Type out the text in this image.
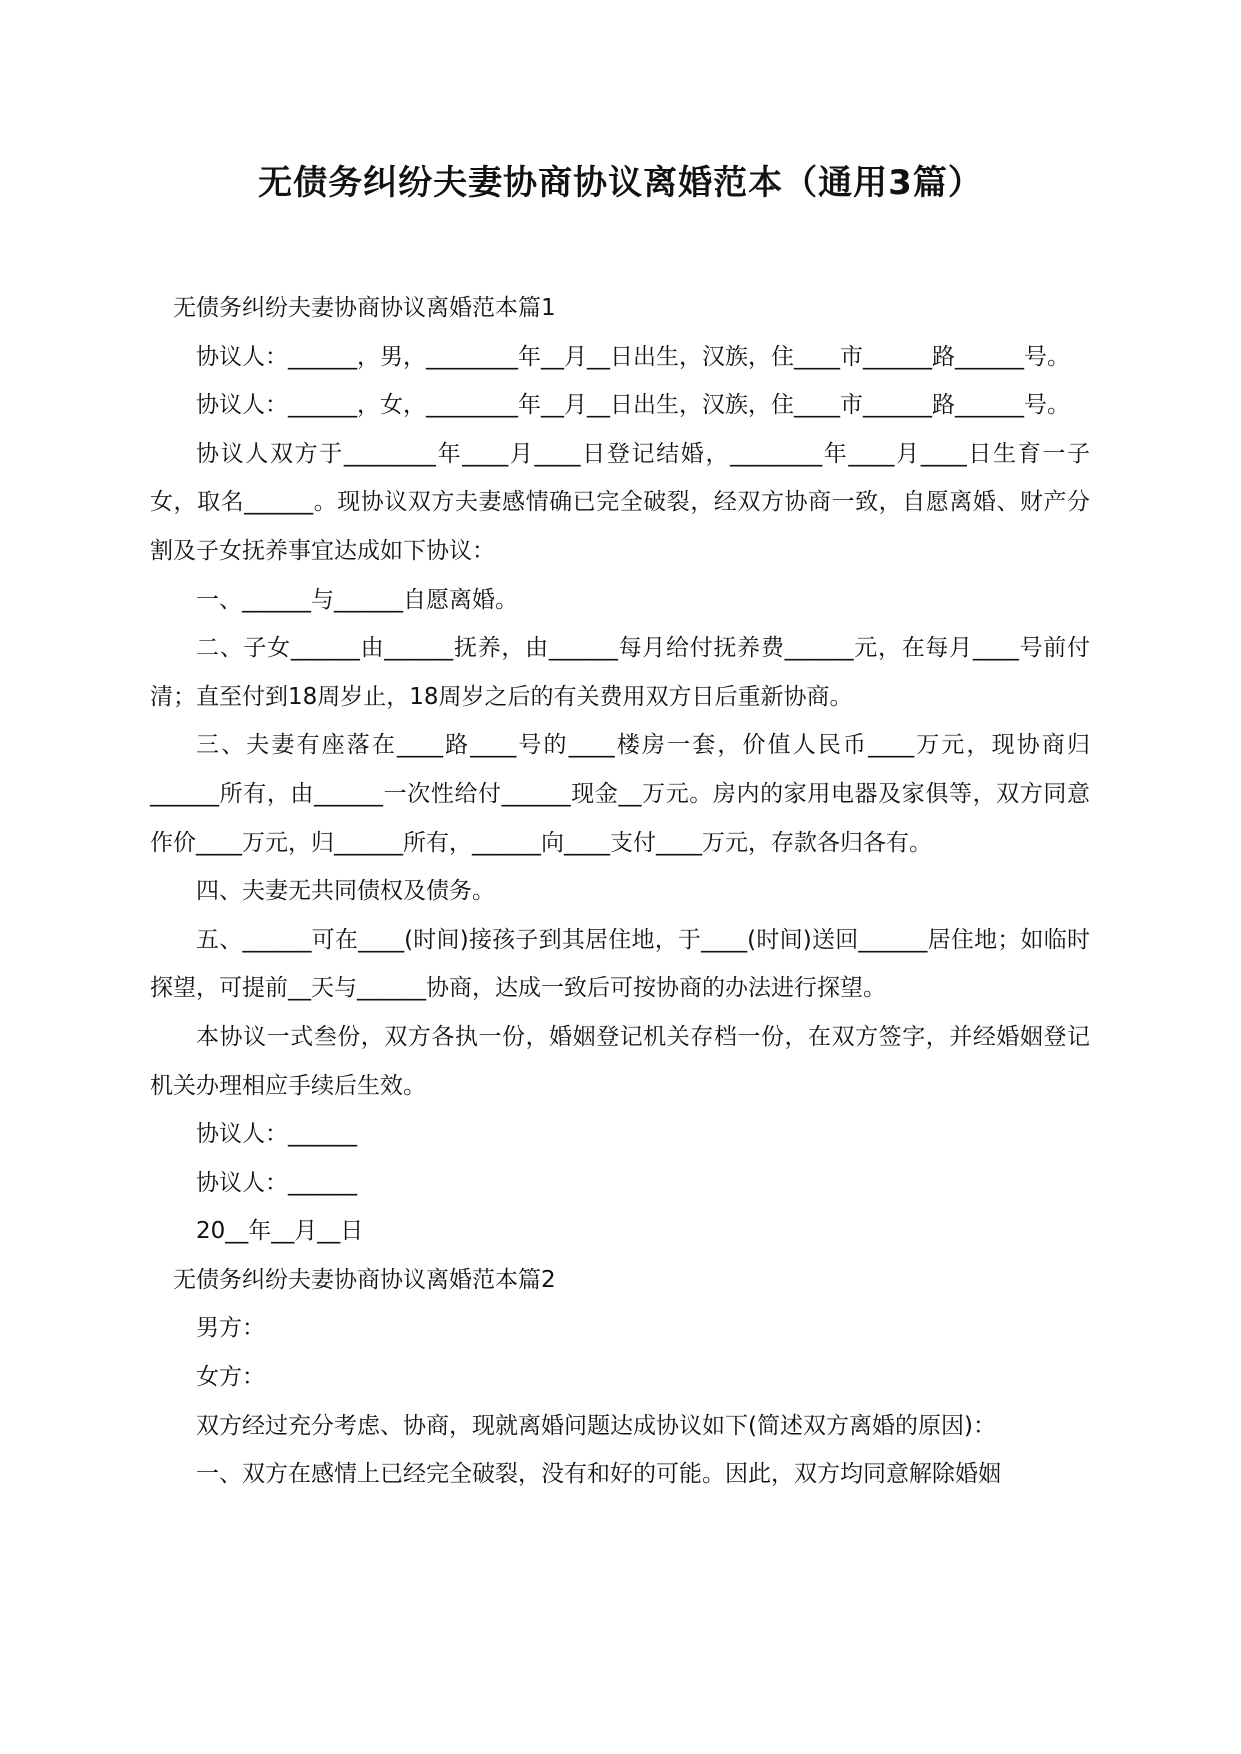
无债务纠纷夫妻协商协议离婚范本（通用3篇）

无债务纠纷夫妻协商协议离婚范本篇1

协议人：______，男，________年__月__日出生，汉族，住____市______路______号。

协议人：______，女，________年__月__日出生，汉族，住____市______路______号。

协议人双方于________年____月____日登记结婚，________年____月____日生育一子女，取名______。现协议双方夫妻感情确已完全破裂，经双方协商一致，自愿离婚、财产分割及子女抚养事宜达成如下协议：

一、______与______自愿离婚。

二、子女______由______抚养，由______每月给付抚养费______元，在每月____号前付清；直至付到18周岁止，18周岁之后的有关费用双方日后重新协商。

三、夫妻有座落在____路____号的____楼房一套，价值人民币____万元，现协商归______所有，由______一次性给付______现金__万元。房内的家用电器及家俱等，双方同意作价____万元，归______所有，______向____支付____万元，存款各归各有。

四、夫妻无共同债权及债务。

五、______可在____(时间)接孩子到其居住地，于____(时间)送回______居住地；如临时探望，可提前__天与______协商，达成一致后可按协商的办法进行探望。

本协议一式叁份，双方各执一份，婚姻登记机关存档一份，在双方签字，并经婚姻登记机关办理相应手续后生效。

协议人：______

协议人：______

20__年__月__日

无债务纠纷夫妻协商协议离婚范本篇2

男方：

女方：

双方经过充分考虑、协商，现就离婚问题达成协议如下(简述双方离婚的原因)：

一、双方在感情上已经完全破裂，没有和好的可能。因此，双方均同意解除婚姻
